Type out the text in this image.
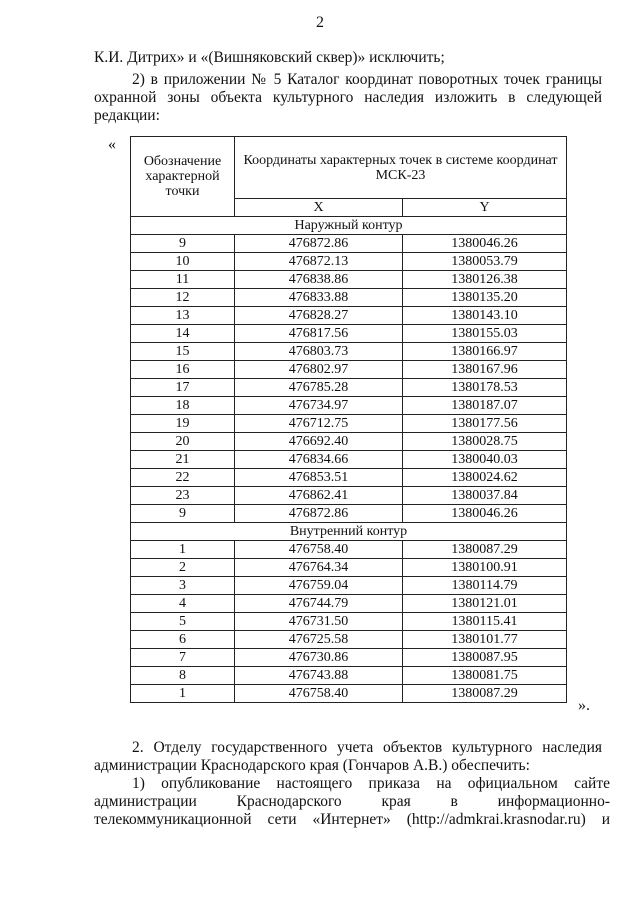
2
К.И. Дитрих» и «(Вишняковский сквер)» исключить;
2) в приложении № 5 Каталог координат поворотных точек границы
охранной зоны объекта культурного наследия изложить в следующей
редакции:
«
Обозначение характерной точки	Координаты характерных точек в системе координат МСК-23	
	X	Y
Наружный контур		
9	476872.86	1380046.26
10	476872.13	1380053.79
11	476838.86	1380126.38
12	476833.88	1380135.20
13	476828.27	1380143.10
14	476817.56	1380155.03
15	476803.73	1380166.97
16	476802.97	1380167.96
17	476785.28	1380178.53
18	476734.97	1380187.07
19	476712.75	1380177.56
20	476692.40	1380028.75
21	476834.66	1380040.03
22	476853.51	1380024.62
23	476862.41	1380037.84
9	476872.86	1380046.26
Внутренний контур		
1	476758.40	1380087.29
2	476764.34	1380100.91
3	476759.04	1380114.79
4	476744.79	1380121.01
5	476731.50	1380115.41
6	476725.58	1380101.77
7	476730.86	1380087.95
8	476743.88	1380081.75
1	476758.40	1380087.29
».
2. Отделу государственного учета объектов культурного наследия
администрации Краснодарского края (Гончаров А.В.) обеспечить:
1) опубликование настоящего приказа на официальном сайте
администрации Краснодарского края в информационно-
телекоммуникационной сети «Интернет» (http://admkrai.krasnodar.ru) и
